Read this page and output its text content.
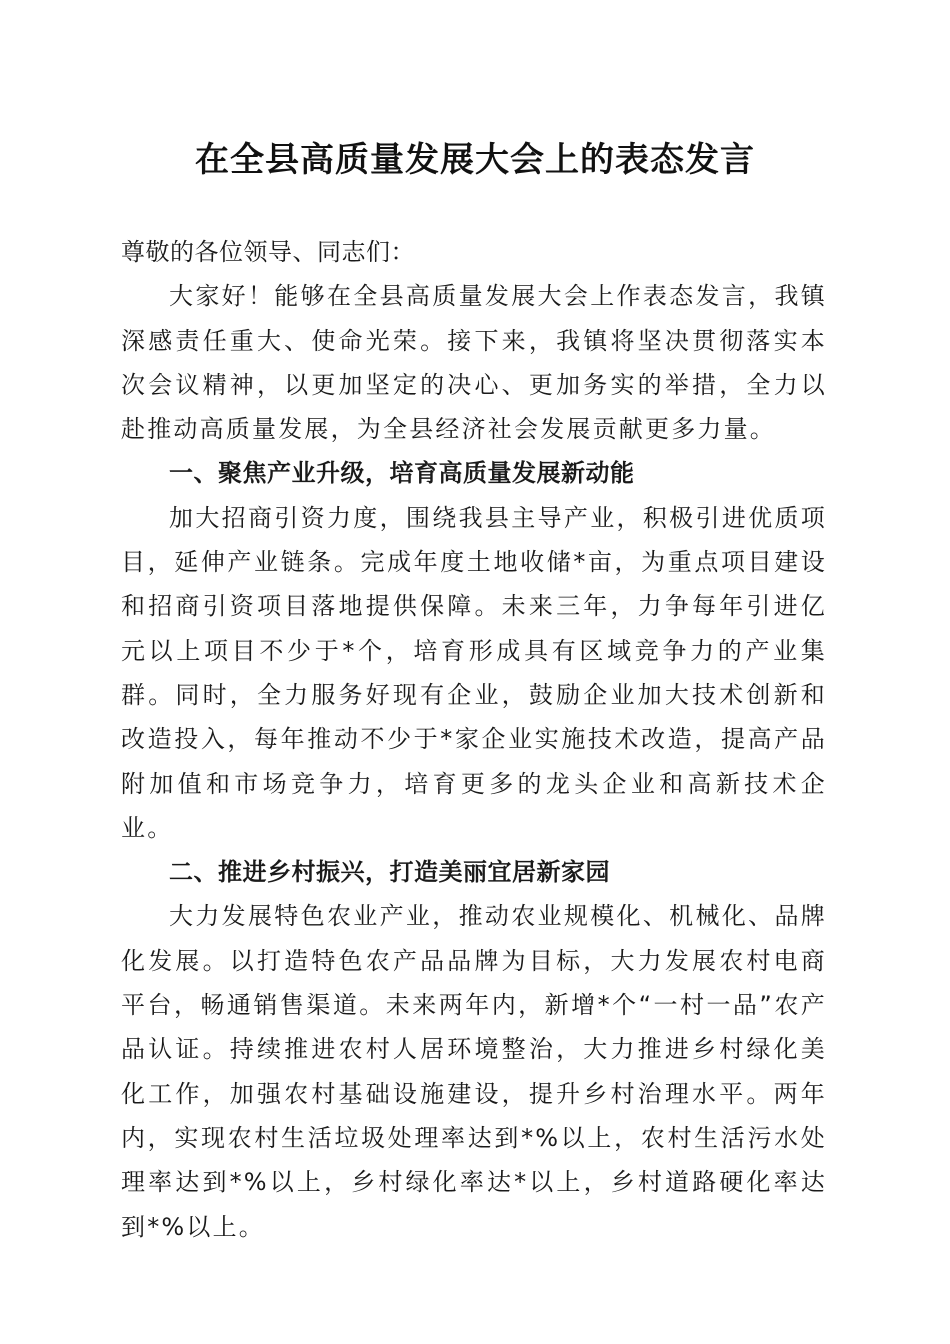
在全县高质量发展大会上的表态发言

尊敬的各位领导、同志们：

大家好！能够在全县高质量发展大会上作表态发言，我镇深感责任重大、使命光荣。接下来，我镇将坚决贯彻落实本次会议精神，以更加坚定的决心、更加务实的举措，全力以赴推动高质量发展，为全县经济社会发展贡献更多力量。

一、聚焦产业升级，培育高质量发展新动能

加大招商引资力度，围绕我县主导产业，积极引进优质项目，延伸产业链条。完成年度土地收储*亩，为重点项目建设和招商引资项目落地提供保障。未来三年，力争每年引进亿元以上项目不少于*个，培育形成具有区域竞争力的产业集群。同时，全力服务好现有企业，鼓励企业加大技术创新和改造投入，每年推动不少于*家企业实施技术改造，提高产品附加值和市场竞争力，培育更多的龙头企业和高新技术企业。

二、推进乡村振兴，打造美丽宜居新家园

大力发展特色农业产业，推动农业规模化、机械化、品牌化发展。以打造特色农产品品牌为目标，大力发展农村电商平台，畅通销售渠道。未来两年内，新增*个“一村一品”农产品认证。持续推进农村人居环境整治，大力推进乡村绿化美化工作，加强农村基础设施建设，提升乡村治理水平。两年内，实现农村生活垃圾处理率达到*%以上，农村生活污水处理率达到*%以上，乡村绿化率达*以上，乡村道路硬化率达到*%以上。
